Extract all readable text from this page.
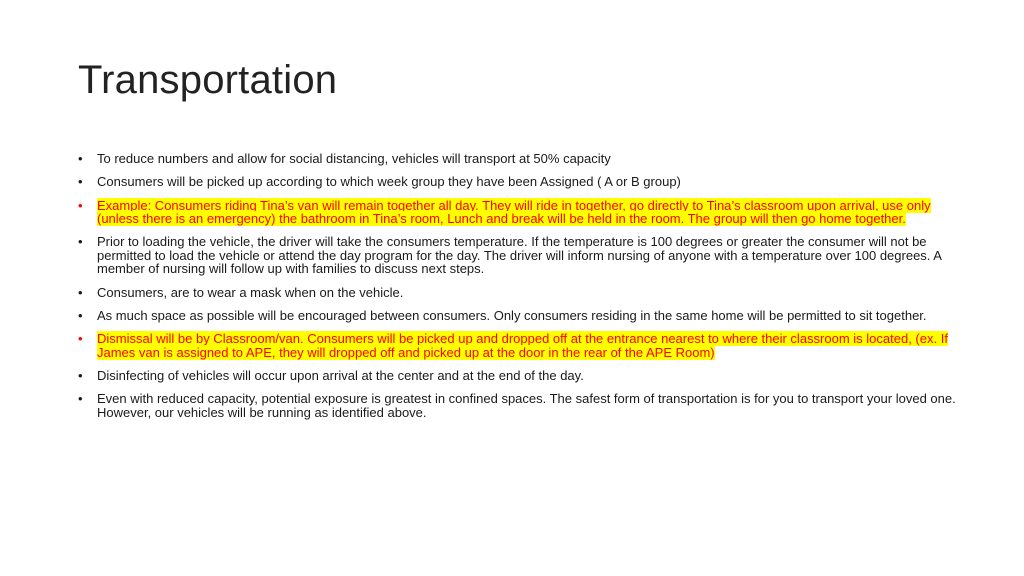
Transportation
•	To reduce numbers and allow for social distancing, vehicles will transport at 50% capacity
•	Consumers will be picked up according to which week group they have been Assigned ( A or B group)
•	Example: Consumers riding Tina’s van will remain together all day. They will ride in together, go directly to Tina’s classroom upon arrival, use only (unless there is an emergency) the bathroom in Tina’s room, Lunch and break will be held in the room. The group will then go home together.
•	Prior to loading the vehicle, the driver will take the consumers temperature. If the temperature is 100 degrees or greater the consumer will not be permitted to load the vehicle or attend the day program for the day. The driver will inform nursing of anyone with a temperature over 100 degrees. A member of nursing will follow up with families to discuss next steps.
•	Consumers, are to wear a mask when on the vehicle.
•	As much space as possible will be encouraged between consumers. Only consumers residing in the same home will be permitted to sit together.
•	Dismissal will be by Classroom/van. Consumers will be picked up and dropped off at the entrance nearest to where their classroom is located, (ex. If James van is assigned to APE, they will dropped off and picked up at the door in the rear of the APE Room)
•	Disinfecting of vehicles will occur upon arrival at the center and at the end of the day.
•	Even with reduced capacity, potential exposure is greatest in confined spaces. The safest form of transportation is for you to transport your loved one. However, our vehicles will be running as identified above.
